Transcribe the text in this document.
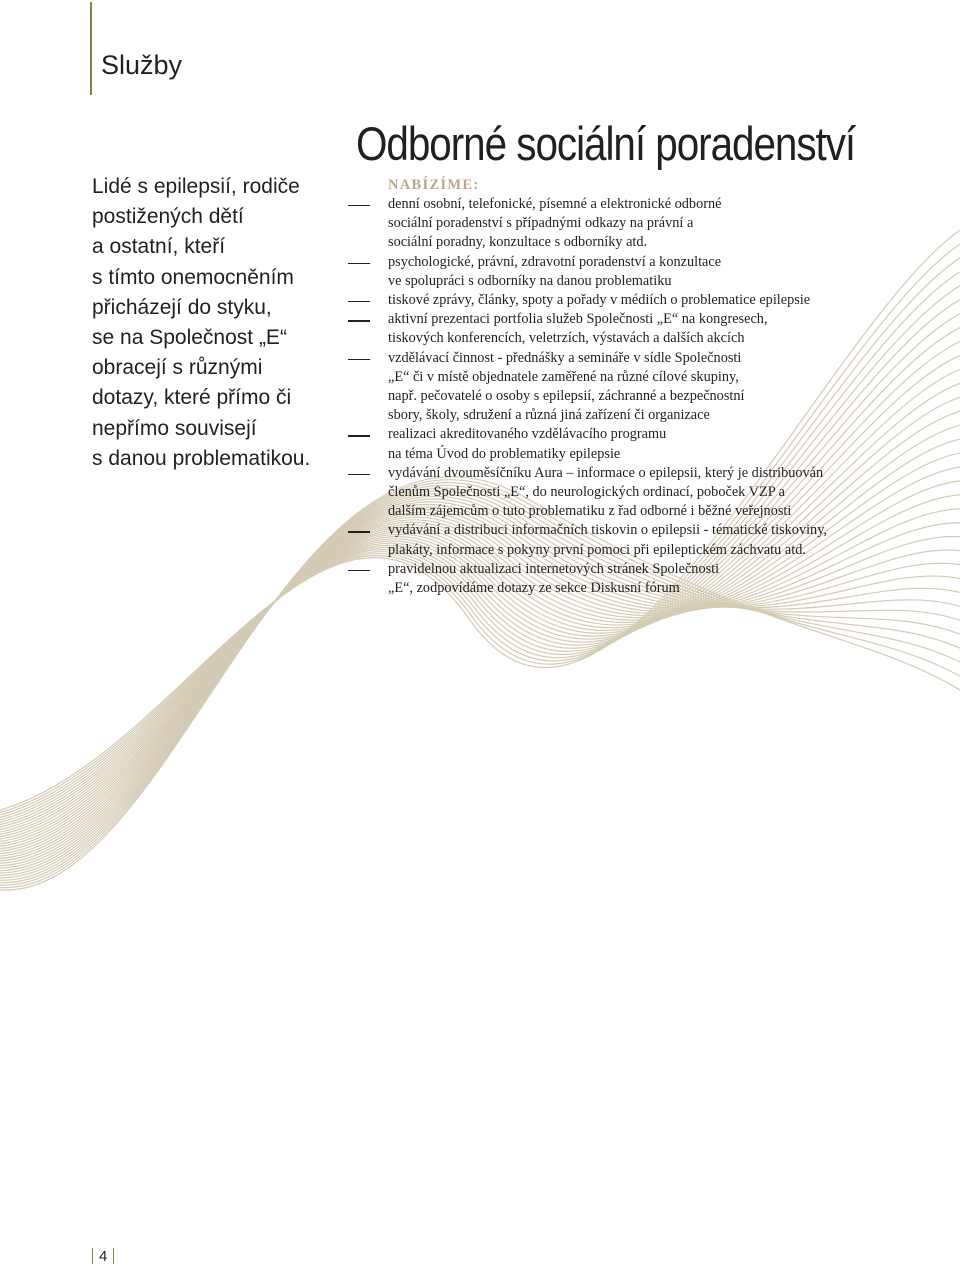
Služby

Lidé s epilepsií, rodiče
postižených dětí
a ostatní, kteří
s tímto onemocněním
přicházejí do styku,
se na Společnost „E“
obracejí s různými
dotazy, které přímo či
nepřímo souvisejí
s danou problematikou.

Odborné sociální poradenství
NABÍZÍME:
denní osobní, telefonické, písemné a elektronické odborné
sociální poradenství s případnými odkazy na právní a
sociální poradny, konzultace s odborníky atd.
psychologické, právní, zdravotní poradenství a konzultace
ve spolupráci s odborníky na danou problematiku
tiskové zprávy, články, spoty a pořady v médiích o problematice epilepsie
aktivní prezentaci portfolia služeb Společnosti „E“ na kongresech,
tiskových konferencích, veletrzích, výstavách a dalších akcích
vzdělávací činnost - přednášky a semináře v sídle Společnosti
„E“ či v místě objednatele zaměřené na různé cílové skupiny,
např. pečovatelé o osoby s epilepsií, záchranné a bezpečnostní
sbory, školy, sdružení a různá jiná zařízení či organizace
realizaci akreditovaného vzdělávacího programu
na téma Úvod do problematiky epilepsie
vydávání dvouměsíčníku Aura – informace o epilepsii, který je distribuován
členům Společnosti „E“, do neurologických ordinací, poboček VZP a
dalším zájemcům o tuto problematiku z řad odborné i běžné veřejnosti
vydávání a distribuci informačních tiskovin o epilepsii - tématické tiskoviny,
plakáty, informace s pokyny první pomoci při epileptickém záchvatu atd.
pravidelnou aktualizaci internetových stránek Společnosti
„E“, zodpovídáme dotazy ze sekce Diskusní fórum
4
